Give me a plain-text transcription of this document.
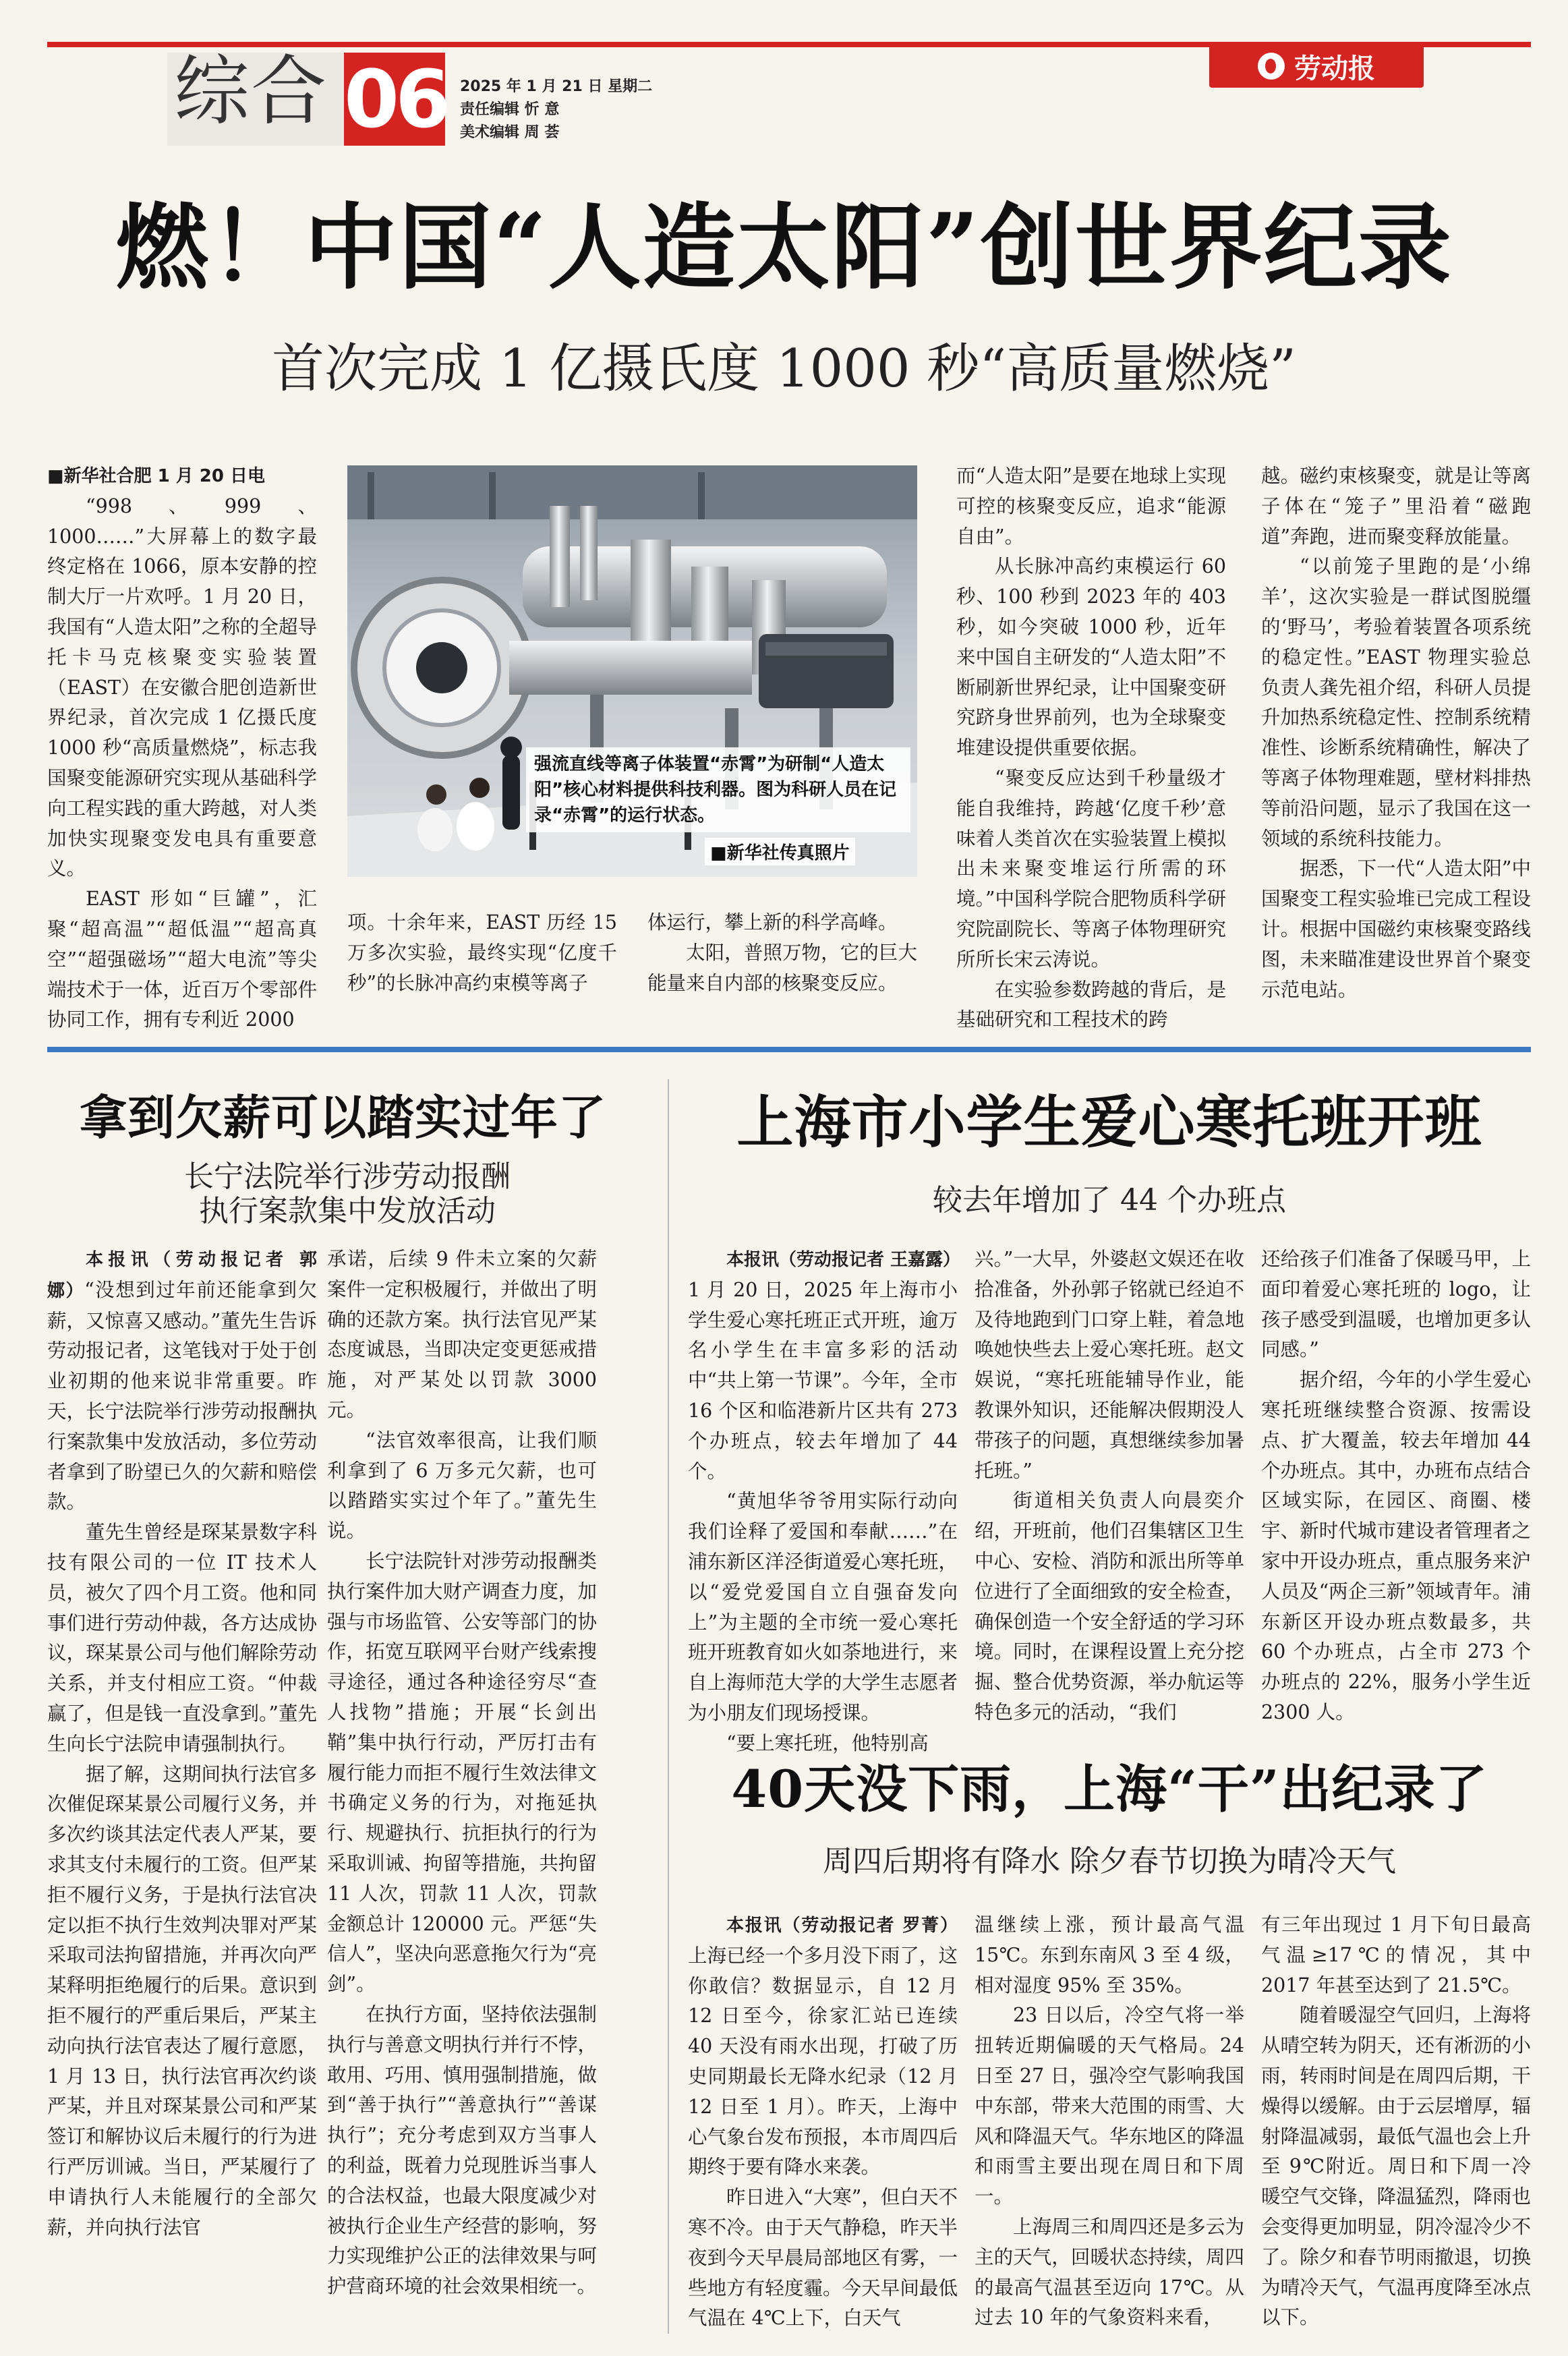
综合 06 2025 年 1 月 21 日 星期二
责任编辑 忻 意
美术编辑 周 荟
劳动报
燃！中国“人造太阳”创世界纪录
首次完成 1 亿摄氏度 1000 秒“高质量燃烧”

■新华社合肥 1 月 20 日电

“998、999、1000……”大屏幕上的数字最终定格在 1066，原本安静的控制大厅一片欢呼。1 月 20 日，我国有“人造太阳”之称的全超导托卡马克核聚变实验装置（EAST）在安徽合肥创造新世界纪录，首次完成 1 亿摄氏度 1000 秒“高质量燃烧”，标志我国聚变能源研究实现从基础科学向工程实践的重大跨越，对人类加快实现聚变发电具有重要意义。

EAST 形如“巨罐”，汇聚“超高温”“超低温”“超高真空”“超强磁场”“超大电流”等尖端技术于一体，近百万个零部件协同工作，拥有专利近 2000

强流直线等离子体装置“赤霄”为研制“人造太阳”核心材料提供科技利器。图为科研人员在记录“赤霄”的运行状态。
■新华社传真照片

项。十余年来，EAST 历经 15 万多次实验，最终实现“亿度千秒”的长脉冲高约束模等离子

体运行，攀上新的科学高峰。

太阳，普照万物，它的巨大能量来自内部的核聚变反应。

而“人造太阳”是要在地球上实现可控的核聚变反应，追求“能源自由”。

从长脉冲高约束模运行 60 秒、100 秒到 2023 年的 403 秒，如今突破 1000 秒，近年来中国自主研发的“人造太阳”不断刷新世界纪录，让中国聚变研究跻身世界前列，也为全球聚变堆建设提供重要依据。

“聚变反应达到千秒量级才能自我维持，跨越‘亿度千秒’意味着人类首次在实验装置上模拟出未来聚变堆运行所需的环境。”中国科学院合肥物质科学研究院副院长、等离子体物理研究所所长宋云涛说。

在实验参数跨越的背后，是基础研究和工程技术的跨

越。磁约束核聚变，就是让等离子体在“笼子”里沿着“磁跑道”奔跑，进而聚变释放能量。

“以前笼子里跑的是‘小绵羊’，这次实验是一群试图脱缰的‘野马’，考验着装置各项系统的稳定性。”EAST 物理实验总负责人龚先祖介绍，科研人员提升加热系统稳定性、控制系统精准性、诊断系统精确性，解决了等离子体物理难题，壁材料排热等前沿问题，显示了我国在这一领域的系统科技能力。

据悉，下一代“人造太阳”中国聚变工程实验堆已完成工程设计。根据中国磁约束核聚变路线图，未来瞄准建设世界首个聚变示范电站。

拿到欠薪可以踏实过年了
长宁法院举行涉劳动报酬
执行案款集中发放活动

本报讯（劳动报记者 郭娜）“没想到过年前还能拿到欠薪，又惊喜又感动。”董先生告诉劳动报记者，这笔钱对于处于创业初期的他来说非常重要。昨天，长宁法院举行涉劳动报酬执行案款集中发放活动，多位劳动者拿到了盼望已久的欠薪和赔偿款。

董先生曾经是琛某景数字科技有限公司的一位 IT 技术人员，被欠了四个月工资。他和同事们进行劳动仲裁，各方达成协议，琛某景公司与他们解除劳动关系，并支付相应工资。“仲裁赢了，但是钱一直没拿到。”董先生向长宁法院申请强制执行。

据了解，这期间执行法官多次催促琛某景公司履行义务，并多次约谈其法定代表人严某，要求其支付未履行的工资。但严某拒不履行义务，于是执行法官决定以拒不执行生效判决罪对严某采取司法拘留措施，并再次向严某释明拒绝履行的后果。意识到拒不履行的严重后果后，严某主动向执行法官表达了履行意愿，1 月 13 日，执行法官再次约谈严某，并且对琛某景公司和严某签订和解协议后未履行的行为进行严厉训诫。当日，严某履行了申请执行人未能履行的全部欠薪，并向执行法官

承诺，后续 9 件未立案的欠薪案件一定积极履行，并做出了明确的还款方案。执行法官见严某态度诚恳，当即决定变更惩戒措施，对严某处以罚款 3000 元。

“法官效率很高，让我们顺利拿到了 6 万多元欠薪，也可以踏踏实实过个年了。”董先生说。

长宁法院针对涉劳动报酬类执行案件加大财产调查力度，加强与市场监管、公安等部门的协作，拓宽互联网平台财产线索搜寻途径，通过各种途径穷尽“查人找物”措施；开展“长剑出鞘”集中执行行动，严厉打击有履行能力而拒不履行生效法律文书确定义务的行为，对拖延执行、规避执行、抗拒执行的行为采取训诫、拘留等措施，共拘留 11 人次，罚款 11 人次，罚款金额总计 120000 元。严惩“失信人”，坚决向恶意拖欠行为“亮剑”。

在执行方面，坚持依法强制执行与善意文明执行并行不悖，敢用、巧用、慎用强制措施，做到“善于执行”“善意执行”“善谋执行”；充分考虑到双方当事人的利益，既着力兑现胜诉当事人的合法权益，也最大限度减少对被执行企业生产经营的影响，努力实现维护公正的法律效果与呵护营商环境的社会效果相统一。

上海市小学生爱心寒托班开班
较去年增加了 44 个办班点

本报讯（劳动报记者 王嘉露）1 月 20 日，2025 年上海市小学生爱心寒托班正式开班，逾万名小学生在丰富多彩的活动中“共上第一节课”。今年，全市 16 个区和临港新片区共有 273 个办班点，较去年增加了 44 个。

“黄旭华爷爷用实际行动向我们诠释了爱国和奉献……”在浦东新区洋泾街道爱心寒托班，以“爱党爱国自立自强奋发向上”为主题的全市统一爱心寒托班开班教育如火如荼地进行，来自上海师范大学的大学生志愿者为小朋友们现场授课。

“要上寒托班，他特别高

兴。”一大早，外婆赵文娱还在收拾准备，外孙郭子铭就已经迫不及待地跑到门口穿上鞋，着急地唤她快些去上爱心寒托班。赵文娱说，“寒托班能辅导作业，能教课外知识，还能解决假期没人带孩子的问题，真想继续参加暑托班。”

街道相关负责人向晨奕介绍，开班前，他们召集辖区卫生中心、安检、消防和派出所等单位进行了全面细致的安全检查，确保创造一个安全舒适的学习环境。同时，在课程设置上充分挖掘、整合优势资源，举办航运等特色多元的活动，“我们

还给孩子们准备了保暖马甲，上面印着爱心寒托班的 logo，让孩子感受到温暖，也增加更多认同感。”

据介绍，今年的小学生爱心寒托班继续整合资源、按需设点、扩大覆盖，较去年增加 44 个办班点。其中，办班布点结合区域实际，在园区、商圈、楼宇、新时代城市建设者管理者之家中开设办班点，重点服务来沪人员及“两企三新”领域青年。浦东新区开设办班点数最多，共 60 个办班点，占全市 273 个办班点的 22%，服务小学生近 2300 人。

40天没下雨，上海“干”出纪录了
周四后期将有降水 除夕春节切换为晴冷天气

本报讯（劳动报记者 罗菁）上海已经一个多月没下雨了，这你敢信？数据显示，自 12 月 12 日至今，徐家汇站已连续 40 天没有雨水出现，打破了历史同期最长无降水纪录（12 月 12 日至 1 月）。昨天，上海中心气象台发布预报，本市周四后期终于要有降水来袭。

昨日进入“大寒”，但白天不寒不冷。由于天气静稳，昨天半夜到今天早晨局部地区有雾，一些地方有轻度霾。今天早间最低气温在 4℃上下，白天气

温继续上涨，预计最高气温 15℃。东到东南风 3 至 4 级，相对湿度 95% 至 35%。

23 日以后，冷空气将一举扭转近期偏暖的天气格局。24 日至 27 日，强冷空气影响我国中东部，带来大范围的雨雪、大风和降温天气。华东地区的降温和雨雪主要出现在周日和下周一。

上海周三和周四还是多云为主的天气，回暖状态持续，周四的最高气温甚至迈向 17℃。从过去 10 年的气象资料来看，

有三年出现过 1 月下旬日最高气温≥17℃的情况，其中 2017 年甚至达到了 21.5℃。

随着暖湿空气回归，上海将从晴空转为阴天，还有淅沥的小雨，转雨时间是在周四后期，干燥得以缓解。由于云层增厚，辐射降温减弱，最低气温也会上升至 9℃附近。周日和下周一冷暖空气交锋，降温猛烈，降雨也会变得更加明显，阴冷湿冷少不了。除夕和春节明雨撤退，切换为晴冷天气，气温再度降至冰点以下。
